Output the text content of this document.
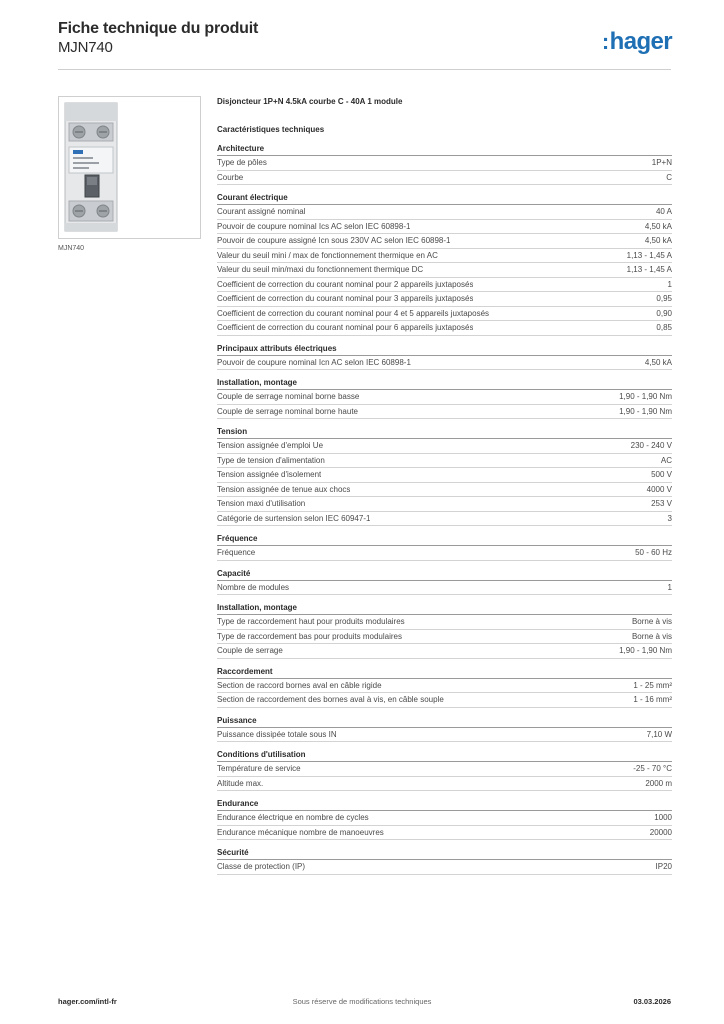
Fiche technique du produit
MJN740	:hager
MJN740
Disjoncteur 1P+N 4.5kA courbe C - 40A 1 module
Caractéristiques techniques
Architecture
Type de pôles	1P+N
Courbe	C
Courant électrique
Courant assigné nominal	40 A
Pouvoir de coupure nominal Ics AC selon IEC 60898-1	4,50 kA
Pouvoir de coupure assigné Icn sous 230V AC selon IEC 60898-1	4,50 kA
Valeur du seuil mini / max de fonctionnement thermique en AC	1,13 - 1,45 A
Valeur du seuil min/maxi du fonctionnement thermique DC	1,13 - 1,45 A
Coefficient de correction du courant nominal pour 2 appareils juxtaposés	1
Coefficient de correction du courant nominal pour 3 appareils juxtaposés	0,95
Coefficient de correction du courant nominal pour 4 et 5 appareils juxtaposés	0,90
Coefficient de correction du courant nominal pour 6 appareils juxtaposés	0,85
Principaux attributs électriques
Pouvoir de coupure nominal Icn AC selon IEC 60898-1	4,50 kA
Installation, montage
Couple de serrage nominal borne basse	1,90 - 1,90 Nm
Couple de serrage nominal borne haute	1,90 - 1,90 Nm
Tension
Tension assignée d'emploi Ue	230 - 240 V
Type de tension d'alimentation	AC
Tension assignée d'isolement	500 V
Tension assignée de tenue aux chocs	4000 V
Tension maxi d'utilisation	253 V
Catégorie de surtension selon IEC 60947-1	3
Fréquence
Fréquence	50 - 60 Hz
Capacité
Nombre de modules	1
Installation, montage
Type de raccordement haut pour produits modulaires	Borne à vis
Type de raccordement bas pour produits modulaires	Borne à vis
Couple de serrage	1,90 - 1,90 Nm
Raccordement
Section de raccord bornes aval en câble rigide	1 - 25 mm²
Section de raccordement des bornes aval à vis, en câble souple	1 - 16 mm²
Puissance
Puissance dissipée totale sous IN	7,10 W
Conditions d'utilisation
Température de service	-25 - 70 °C
Altitude max.	2000 m
Endurance
Endurance électrique en nombre de cycles	1000
Endurance mécanique nombre de manoeuvres	20000
Sécurité
Classe de protection (IP)	IP20
hager.com/intl-fr	Sous réserve de modifications techniques	03.03.2026
